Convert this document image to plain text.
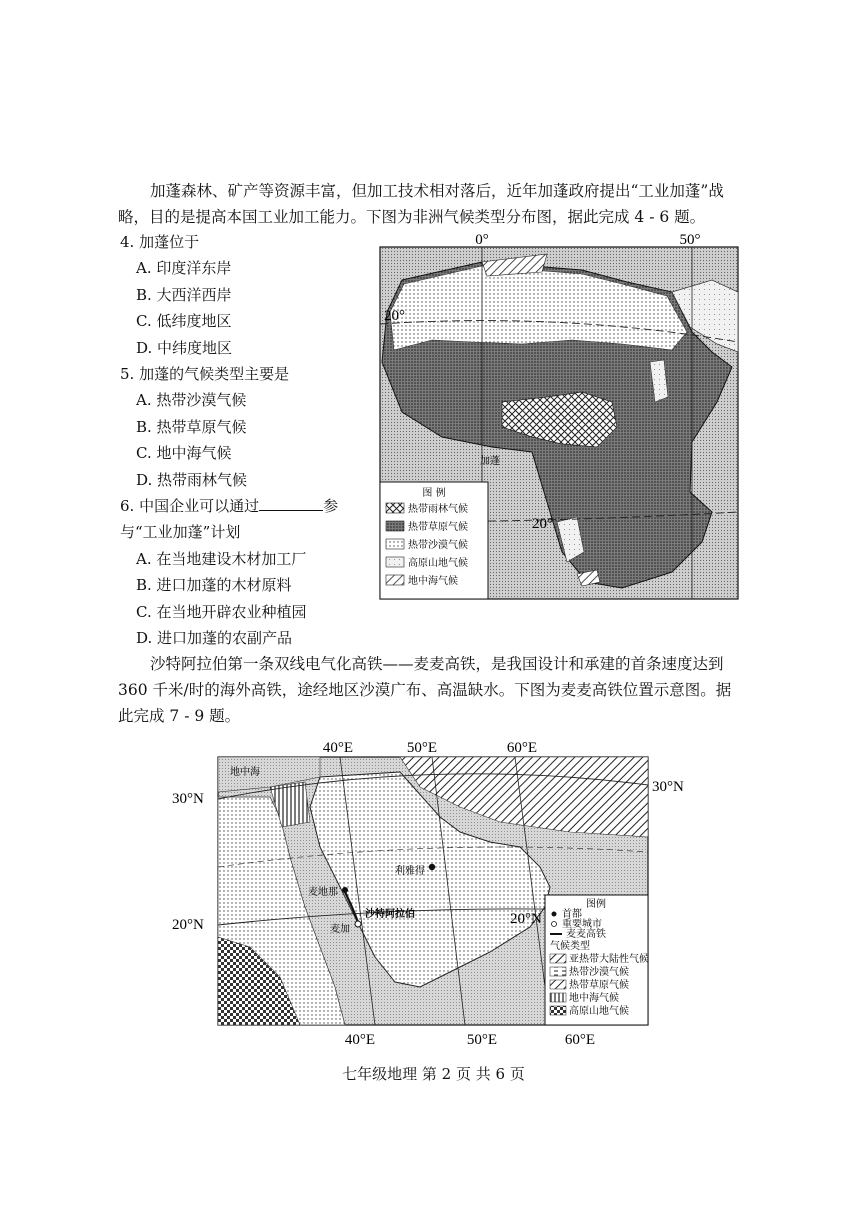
加蓬森林、矿产等资源丰富，但加工技术相对落后，近年加蓬政府提出“工业加蓬”战
略，目的是提高本国工业加工能力。下图为非洲气候类型分布图，据此完成 4 - 6 题。
4. 加蓬位于
A. 印度洋东岸
B. 大西洋西岸
C. 低纬度地区
D. 中纬度地区
5. 加蓬的气候类型主要是
A. 热带沙漠气候
B. 热带草原气候
C. 地中海气候
D. 热带雨林气候
6. 中国企业可以通过	参
与“工业加蓬”计划
A. 在当地建设木材加工厂
B. 进口加蓬的木材原料
C. 在当地开辟农业种植园
D. 进口加蓬的农副产品
0°	50°
20°
20°
加蓬
图 例
热带雨林气候
热带草原气候
热带沙漠气候
高原山地气候
地中海气候
沙特阿拉伯第一条双线电气化高铁——麦麦高铁，是我国设计和承建的首条速度达到
360 千米/时的海外高铁，途经地区沙漠广布、高温缺水。下图为麦麦高铁位置示意图。据
此完成 7 - 9 题。
地中海
利雅得
麦地那
麦加
沙特阿拉伯
40°E	50°E	60°E
40°E	50°E	60°E
30°N
30°N
20°N	20°N
图例
首都
重要城市
麦麦高铁
气候类型
亚热带大陆性气候
热带沙漠气候
热带草原气候
地中海气候
高原山地气候
七年级地理 第 2 页 共 6 页
